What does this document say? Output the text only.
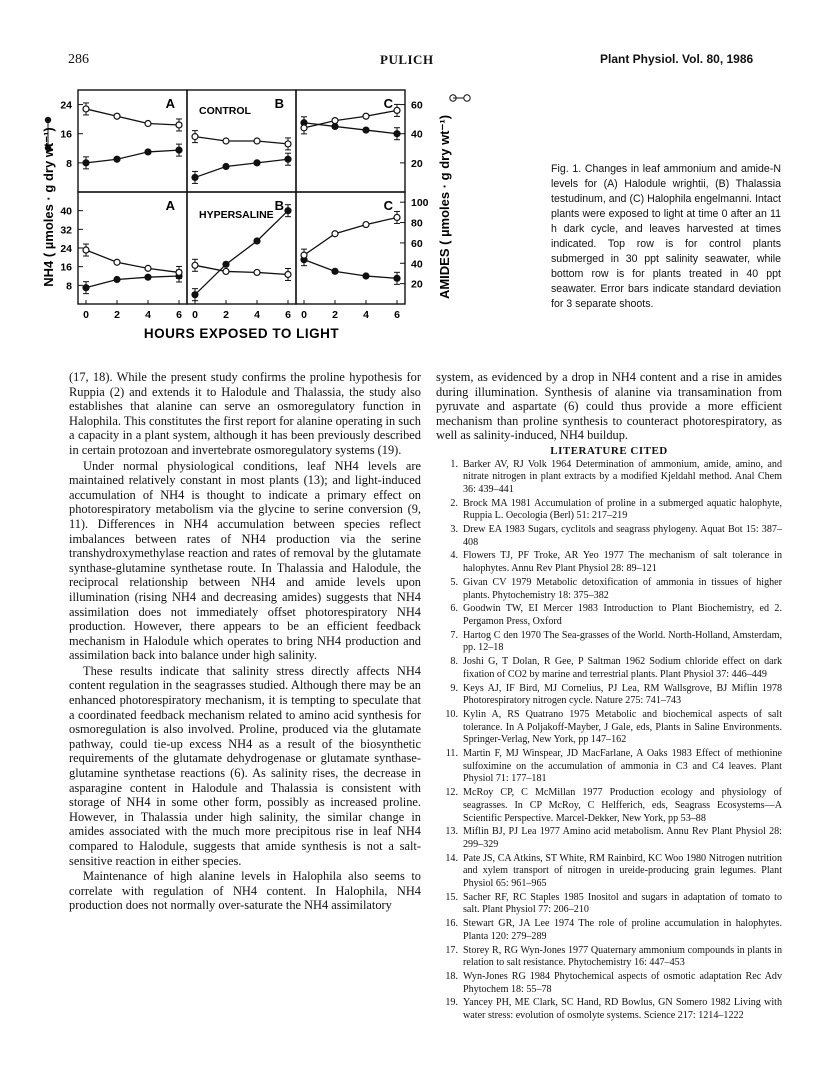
286	PULICH	Plant Physiol. Vol. 80, 1986
A	B
CONTROL	C
A	B
HYPERSALINE
C
24
16
8
40
32
24
16
8
60
40
20
100
80
60
40
20
0 2 4 6 0 2 4 6 0 2 4 6
HOURS EXPOSED TO LIGHT
NH4 ( µmoles · g dry wt⁻¹)	AMIDES ( µmoles · g dry wt⁻¹)	Fig. 1. Changes in leaf ammonium and amide-N levels for (A) Halodule wrightii, (B) Thalassia testudinum, and (C) Halophila engelmanni. Intact plants were exposed to light at time 0 after an 11 h dark cycle, and leaves harvested at times indicated. Top row is for control plants submerged in 30 ppt salinity seawater, while bottom row is for plants treated in 40 ppt seawater. Error bars indicate standard deviation for 3 separate shoots.

(17, 18). While the present study confirms the proline hypothesis for Ruppia (2) and extends it to Halodule and Thalassia, the study also establishes that alanine can serve an osmoregulatory function in Halophila. This constitutes the first report for alanine operating in such a capacity in a plant system, although it has been previously described in certain protozoan and invertebrate osmoregulatory systems (19).

Under normal physiological conditions, leaf NH4 levels are maintained relatively constant in most plants (13); and light-induced accumulation of NH4 is thought to indicate a primary effect on photorespiratory metabolism via the glycine to serine conversion (9, 11). Differences in NH4 accumulation between species reflect imbalances between rates of NH4 production via the serine transhydroxymethylase reaction and rates of removal by the glutamate synthase-glutamine synthetase route. In Thalassia and Halodule, the reciprocal relationship between NH4 and amide levels upon illumination (rising NH4 and decreasing amides) suggests that NH4 assimilation does not immediately offset photorespiratory NH4 production. However, there appears to be an efficient feedback mechanism in Halodule which operates to bring NH4 production and assimilation back into balance under high salinity.

These results indicate that salinity stress directly affects NH4 content regulation in the seagrasses studied. Although there may be an enhanced photorespiratory mechanism, it is tempting to speculate that a coordinated feedback mechanism related to amino acid synthesis for osmoregulation is also involved. Proline, produced via the glutamate pathway, could tie-up excess NH4 as a result of the biosynthetic requirements of the glutamate dehydrogenase or glutamate synthase-glutamine synthetase reactions (6). As salinity rises, the decrease in asparagine content in Halodule and Thalassia is consistent with storage of NH4 in some other form, possibly as increased proline. However, in Thalassia under high salinity, the similar change in amides associated with the much more precipitous rise in leaf NH4 compared to Halodule, suggests that amide synthesis is not a salt-sensitive reaction in either species.

Maintenance of high alanine levels in Halophila also seems to correlate with regulation of NH4 content. In Halophila, NH4 production does not normally over-saturate the NH4 assimilatory

system, as evidenced by a drop in NH4 content and a rise in amides during illumination. Synthesis of alanine via transamination from pyruvate and aspartate (6) could thus provide a more efficient mechanism than proline synthesis to counteract photorespiratory, as well as salinity-induced, NH4 buildup.

LITERATURE CITED

1. Barker AV, RJ Volk 1964 Determination of ammonium, amide, amino, and nitrate nitrogen in plant extracts by a modified Kjeldahl method. Anal Chem 36: 439–441
2. Brock MA 1981 Accumulation of proline in a submerged aquatic halophyte, Ruppia L. Oecologia (Berl) 51: 217–219
3. Drew EA 1983 Sugars, cyclitols and seagrass phylogeny. Aquat Bot 15: 387–408
4. Flowers TJ, PF Troke, AR Yeo 1977 The mechanism of salt tolerance in halophytes. Annu Rev Plant Physiol 28: 89–121
5. Givan CV 1979 Metabolic detoxification of ammonia in tissues of higher plants. Phytochemistry 18: 375–382
6. Goodwin TW, EI Mercer 1983 Introduction to Plant Biochemistry, ed 2. Pergamon Press, Oxford
7. Hartog C den 1970 The Sea-grasses of the World. North-Holland, Amsterdam, pp. 12–18
8. Joshi G, T Dolan, R Gee, P Saltman 1962 Sodium chloride effect on dark fixation of CO2 by marine and terrestrial plants. Plant Physiol 37: 446–449
9. Keys AJ, IF Bird, MJ Cornelius, PJ Lea, RM Wallsgrove, BJ Miflin 1978 Photorespiratory nitrogen cycle. Nature 275: 741–743
10. Kylin A, RS Quatrano 1975 Metabolic and biochemical aspects of salt tolerance. In A Poljakoff-Mayber, J Gale, eds, Plants in Saline Environments. Springer-Verlag, New York, pp 147–162
11. Martin F, MJ Winspear, JD MacFarlane, A Oaks 1983 Effect of methionine sulfoximine on the accumulation of ammonia in C3 and C4 leaves. Plant Physiol 71: 177–181
12. McRoy CP, C McMillan 1977 Production ecology and physiology of seagrasses. In CP McRoy, C Helfferich, eds, Seagrass Ecosystems—A Scientific Perspective. Marcel-Dekker, New York, pp 53–88
13. Miflin BJ, PJ Lea 1977 Amino acid metabolism. Annu Rev Plant Physiol 28: 299–329
14. Pate JS, CA Atkins, ST White, RM Rainbird, KC Woo 1980 Nitrogen nutrition and xylem transport of nitrogen in ureide-producing grain legumes. Plant Physiol 65: 961–965
15. Sacher RF, RC Staples 1985 Inositol and sugars in adaptation of tomato to salt. Plant Physiol 77: 206–210
16. Stewart GR, JA Lee 1974 The role of proline accumulation in halophytes. Planta 120: 279–289
17. Storey R, RG Wyn-Jones 1977 Quaternary ammonium compounds in plants in relation to salt resistance. Phytochemistry 16: 447–453
18. Wyn-Jones RG 1984 Phytochemical aspects of osmotic adaptation Rec Adv Phytochem 18: 55–78
19. Yancey PH, ME Clark, SC Hand, RD Bowlus, GN Somero 1982 Living with water stress: evolution of osmolyte systems. Science 217: 1214–1222
